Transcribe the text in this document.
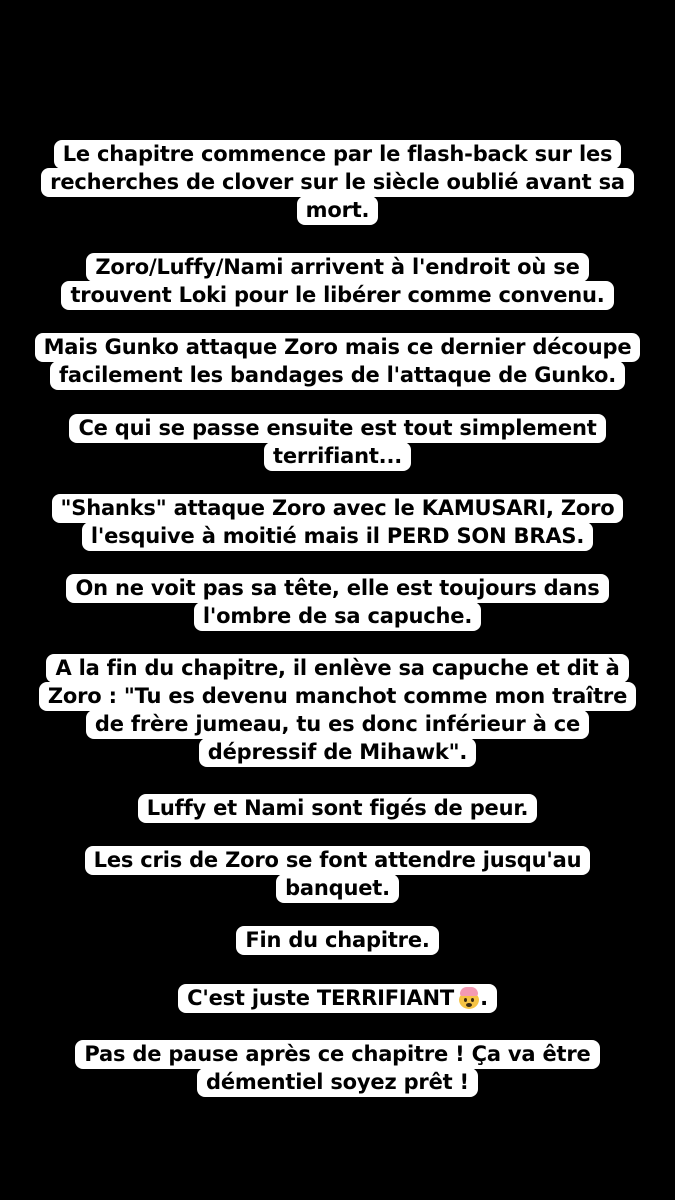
Le chapitre commence par le flash-back sur les
recherches de clover sur le siècle oublié avant sa
mort.
Zoro/Luffy/Nami arrivent à l'endroit où se
trouvent Loki pour le libérer comme convenu.
Mais Gunko attaque Zoro mais ce dernier découpe
facilement les bandages de l'attaque de Gunko.
Ce qui se passe ensuite est tout simplement
terrifiant...
"Shanks" attaque Zoro avec le KAMUSARI, Zoro
l'esquive à moitié mais il PERD SON BRAS.
On ne voit pas sa tête, elle est toujours dans
l'ombre de sa capuche.
A la fin du chapitre, il enlève sa capuche et dit à
Zoro : "Tu es devenu manchot comme mon traître
de frère jumeau, tu es donc inférieur à ce
dépressif de Mihawk".
Luffy et Nami sont figés de peur.
Les cris de Zoro se font attendre jusqu'au
banquet.
Fin du chapitre.
C'est juste TERRIFIANT .
Pas de pause après ce chapitre ! Ça va être
démentiel soyez prêt !
